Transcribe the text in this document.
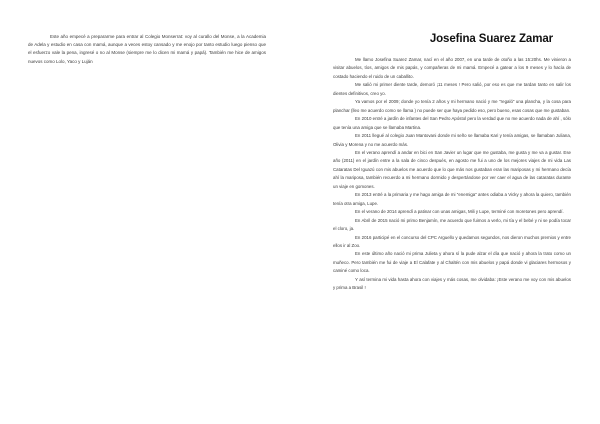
Este año empecé a prepararme para entrar al Colegio Monserrat: voy al curallo del Monse, a la Academia de Adela y estudio en casa con mamá, aunque a veces estoy cansado y me enojo por tanto estudio luego pienso que el esfuerzo vale la pena, ingresé o no al Monse (siempre me lo dicen mi mamá y papá). También me hice de amigos nuevos como Lolo, Yaco y Luján

Josefina Suarez Zamar

Me llamo Josefina Suarez Zamar, nací en el año 2007, en una tarde de otoño a las 15:20hs. Me vinieron a visitar abuelos, tíos, amigos de mis papás, y compañeras de mi mamá. Empecé a gatear a los 9 meses y lo hacía de costado haciendo el ruido de un caballito.

Me salió mi primer diente tarde, demoró ¡11 meses ! Pero salió, por eso es que me tardan tanto en salir los dientes definitivos, creo yo.

Ya vamos por el 2009; donde yo tenía 2 años y mi hermano nació y me "regaló" una plancha, y la cosa para planchar (lleo me acuerdo como se llama ) no puede ser que haya pedido eso, pero bueno, esas cosas que me gustaban.

En 2010 entré a jardín de infantes del San Pedro Apóstol pero la verdad que no me acuerdo nada de ahí , sólo que tenía una amiga que se llamaba Martina.

En 2011 llegué al colegio Juan Mantovani donde mi seño se llamaba Kari y tenía amigas, se llamaban Juliana, Olivia y Morena y no me acuerdo más.

En el verano aprendí a andar en bici en San Javier un lugar que me gustaba, me gusta y me va a gustar. Ese año (2011) en el jardín entre a la sala de cinco después, en agosto me fui a uno de los mejores viajes de mi vida Las Cataratas Del Iguazú con mis abuelos me acuerdo que lo que más nos gustaban eran las mariposas y mi hermano decía ahí la mariposa, también recuerdo a mi hermano dormido y despertándose por ver caer el agua de las cataratas durante un viaje en gomones.

En 2013 entré a la primaria y me hago amiga de mi "enemiga" antes odiaba a Vicky y ahora la quiero, también tenía otra amiga, Lupe.

En el verano de 2014 aprendí a patinar con unas amigas, Mili y Lupe, terminé con moretones pero aprendí.

En Abril de 2015 nació mi primo Benjamín, me acuerdo que fuimos a verlo, mi tía y el bebé y ni se podía tocar el cloro, ja.

En 2016 participé en el concurso del CPC Arguello y quedamos segundos, nos dieron muchos premios y entre ellos ir al Zoo.

En este último año nació mi prima Julieta y ahora sí la pude alzar el día que nació y ahora la trato como un muñeco. Pero también me fui de viaje a El Calafate y al Chaltén con mis abuelos y papá donde vi glaciares hermosos y caminé como loca.

Y así termina mi vida hasta ahora con viajes y más cosas, me olvidaba: ¡Este verano me voy con mis abuelos y prima a Brasil !
